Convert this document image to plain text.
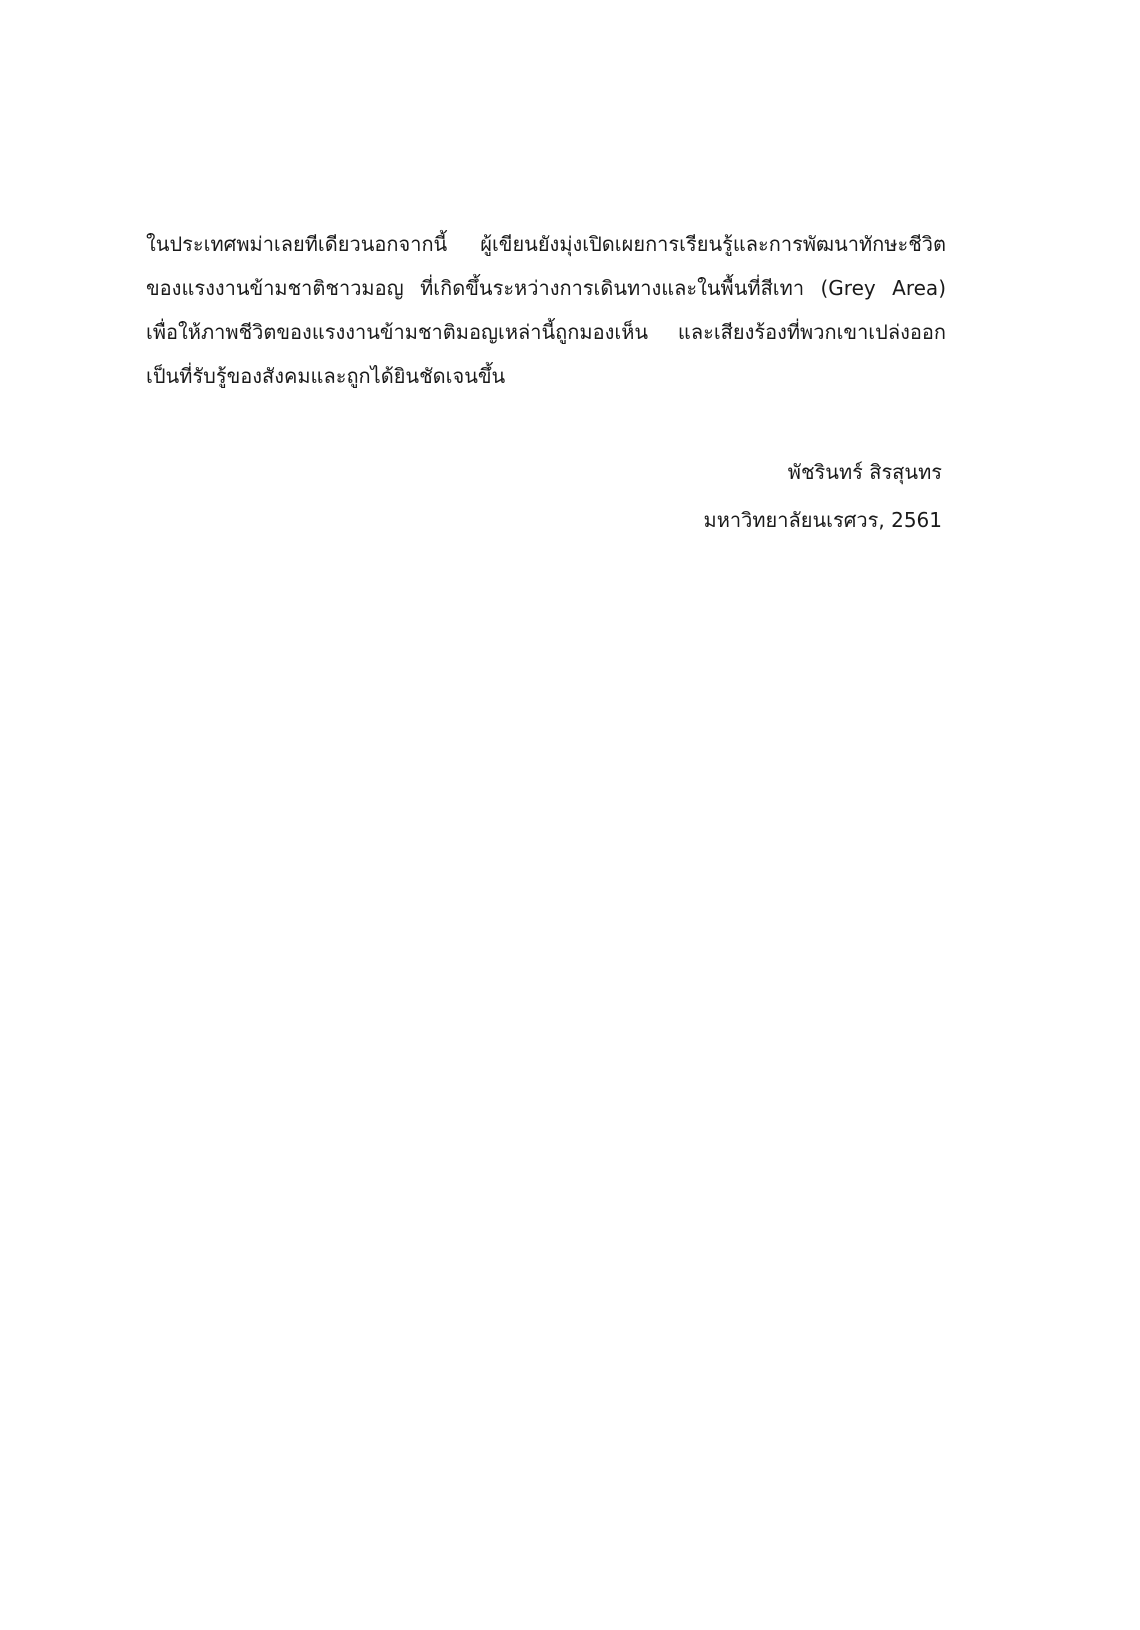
ในประเทศพม่าเลยทีเดียวนอกจากนี้ ผู้เขียนยังมุ่งเปิดเผยการเรียนรู้และการพัฒนาทักษะชีวิต
ของแรงงานข้ามชาติชาวมอญ ที่เกิดขึ้นระหว่างการเดินทางและในพื้นที่สีเทา (Grey Area)
เพื่อให้ภาพชีวิตของแรงงานข้ามชาติมอญเหล่านี้ถูกมองเห็น และเสียงร้องที่พวกเขาเปล่งออก
เป็นที่รับรู้ของสังคมและถูกได้ยินชัดเจนขึ้น
พัชรินทร์ สิรสุนทร
มหาวิทยาลัยนเรศวร, 2561
